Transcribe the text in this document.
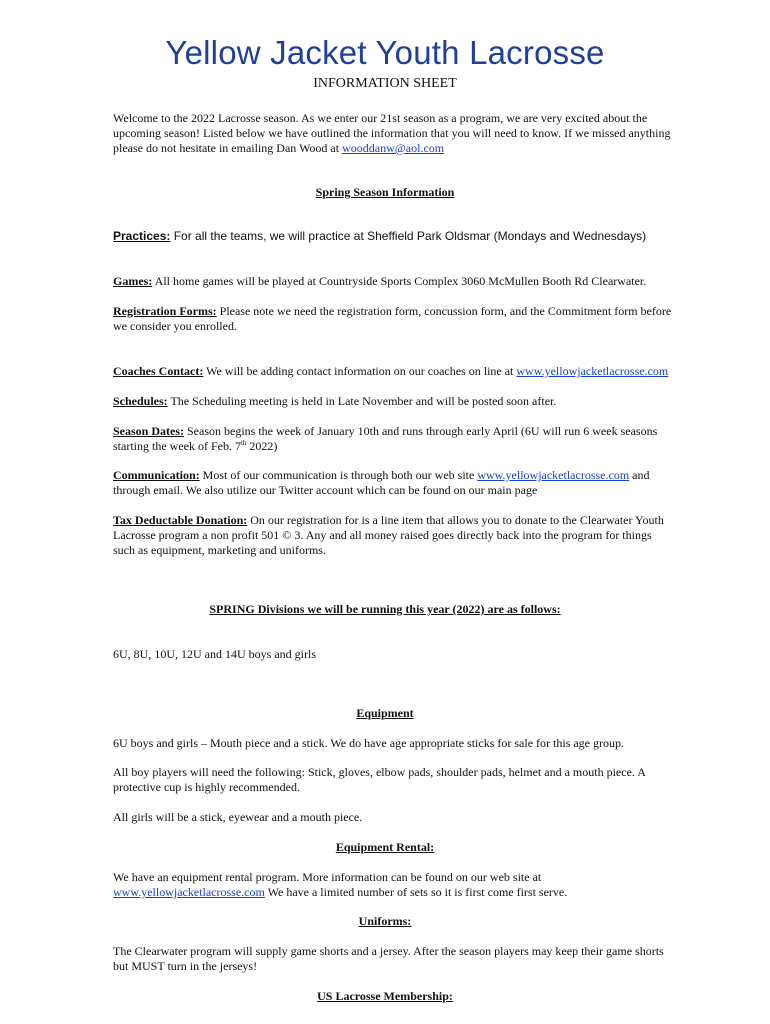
Yellow Jacket Youth Lacrosse
INFORMATION SHEET
Welcome to the 2022 Lacrosse season. As we enter our 21st season as a program, we are very excited about the
upcoming season! Listed below we have outlined the information that you will need to know. If we missed anything
please do not hesitate in emailing Dan Wood at wooddanw@aol.com
Spring Season Information
Practices: For all the teams, we will practice at Sheffield Park Oldsmar (Mondays and Wednesdays)
Games: All home games will be played at Countryside Sports Complex 3060 McMullen Booth Rd Clearwater.
Registration Forms: Please note we need the registration form, concussion form, and the Commitment form before
we consider you enrolled.
Coaches Contact: We will be adding contact information on our coaches on line at www.yellowjacketlacrosse.com
Schedules: The Scheduling meeting is held in Late November and will be posted soon after.
Season Dates: Season begins the week of January 10th and runs through early April (6U will run 6 week seasons
starting the week of Feb. 7th 2022)
Communication: Most of our communication is through both our web site www.yellowjacketlacrosse.com and
through email. We also utilize our Twitter account which can be found on our main page
Tax Deductable Donation: On our registration for is a line item that allows you to donate to the Clearwater Youth
Lacrosse program a non profit 501 © 3. Any and all money raised goes directly back into the program for things
such as equipment, marketing and uniforms.
SPRING Divisions we will be running this year (2022) are as follows:
6U, 8U, 10U, 12U and 14U boys and girls
Equipment
6U boys and girls – Mouth piece and a stick. We do have age appropriate sticks for sale for this age group.
All boy players will need the following: Stick, gloves, elbow pads, shoulder pads, helmet and a mouth piece. A
protective cup is highly recommended.
All girls will be a stick, eyewear and a mouth piece.
Equipment Rental:
We have an equipment rental program. More information can be found on our web site at
www.yellowjacketlacrosse.com We have a limited number of sets so it is first come first serve.
Uniforms:
The Clearwater program will supply game shorts and a jersey. After the season players may keep their game shorts
but MUST turn in the jerseys!
US Lacrosse Membership:
